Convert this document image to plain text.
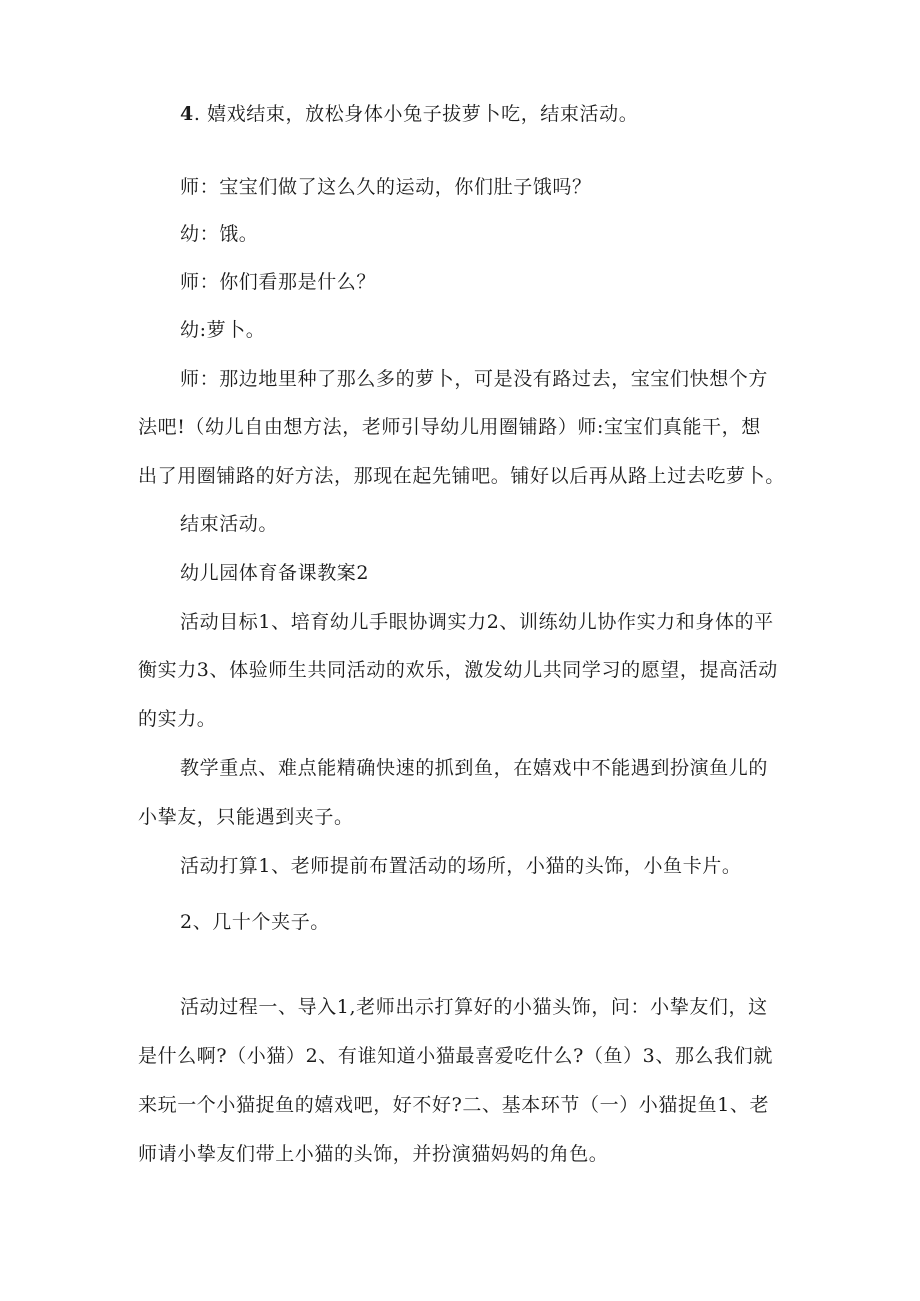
4. 嬉戏结束，放松身体小兔子拔萝卜吃，结束活动。
师：宝宝们做了这么久的运动，你们肚子饿吗？
幼：饿。
师：你们看那是什么？
幼:萝卜。
师：那边地里种了那么多的萝卜，可是没有路过去，宝宝们快想个方
法吧!（幼儿自由想方法，老师引导幼儿用圈铺路）师:宝宝们真能干，想
出了用圈铺路的好方法，那现在起先铺吧。铺好以后再从路上过去吃萝卜。
结束活动。
幼儿园体育备课教案2
活动目标1、培育幼儿手眼协调实力2、训练幼儿协作实力和身体的平
衡实力3、体验师生共同活动的欢乐，激发幼儿共同学习的愿望，提高活动
的实力。
教学重点、难点能精确快速的抓到鱼，在嬉戏中不能遇到扮演鱼儿的
小挚友，只能遇到夹子。
活动打算1、老师提前布置活动的场所，小猫的头饰，小鱼卡片。
2、几十个夹子。
活动过程一、导入1,老师出示打算好的小猫头饰，问：小挚友们，这
是什么啊?（小猫）2、有谁知道小猫最喜爱吃什么?（鱼）3、那么我们就
来玩一个小猫捉鱼的嬉戏吧，好不好?二、基本环节（一）小猫捉鱼1、老
师请小挚友们带上小猫的头饰，并扮演猫妈妈的角色。
